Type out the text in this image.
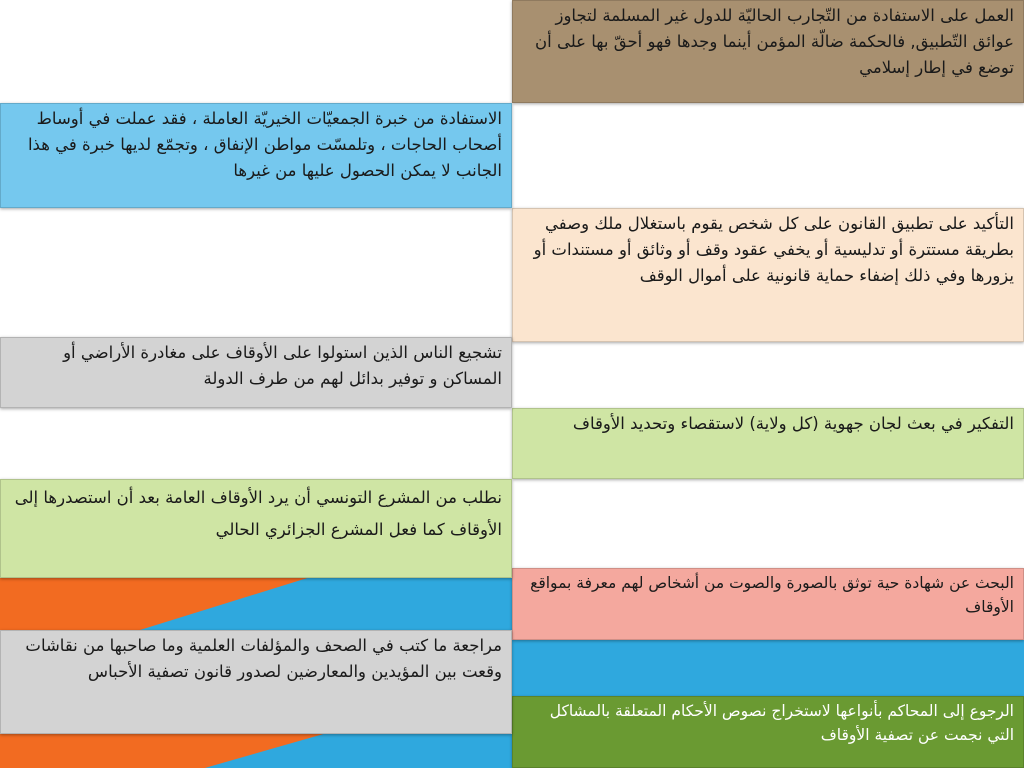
العمل على الاستفادة من التّجارب الحاليّة للدول غير المسلمة لتجاوز عوائق التّطبيق, فالحكمة ضالّة المؤمن أينما وجدها فهو أحقّ بها على أن توضع في إطار إسلامي
التأكيد على تطبيق القانون على كل شخص يقوم باستغلال ملك وصفي بطريقة مستترة أو تدليسية أو يخفي عقود وقف أو وثائق أو مستندات أو يزورها وفي ذلك إضفاء حماية قانونية على أموال الوقف
التفكير في بعث لجان جهوية (كل ولاية) لاستقصاء وتحديد الأوقاف
البحث عن شهادة حية توثق بالصورة والصوت من أشخاص لهم معرفة بمواقع الأوقاف
الرجوع إلى المحاكم بأنواعها لاستخراج نصوص الأحكام المتعلقة بالمشاكل التي نجمت عن تصفية الأوقاف
الاستفادة من خبرة الجمعيّات الخيريّة العاملة ، فقد عملت في أوساط أصحاب الحاجات ، وتلمسّت مواطن الإنفاق ، وتجمّع لديها خبرة في هذا الجانب لا يمكن الحصول عليها من غيرها
تشجيع الناس الذين استولوا على الأوقاف على مغادرة الأراضي أو المساكن و توفير بدائل لهم من طرف الدولة
نطلب من المشرع التونسي أن يرد الأوقاف العامة بعد أن استصدرها إلى الأوقاف كما فعل المشرع الجزائري الحالي
مراجعة ما كتب في الصحف والمؤلفات العلمية وما صاحبها من نقاشات وقعت بين المؤيدين والمعارضين لصدور قانون تصفية الأحباس
